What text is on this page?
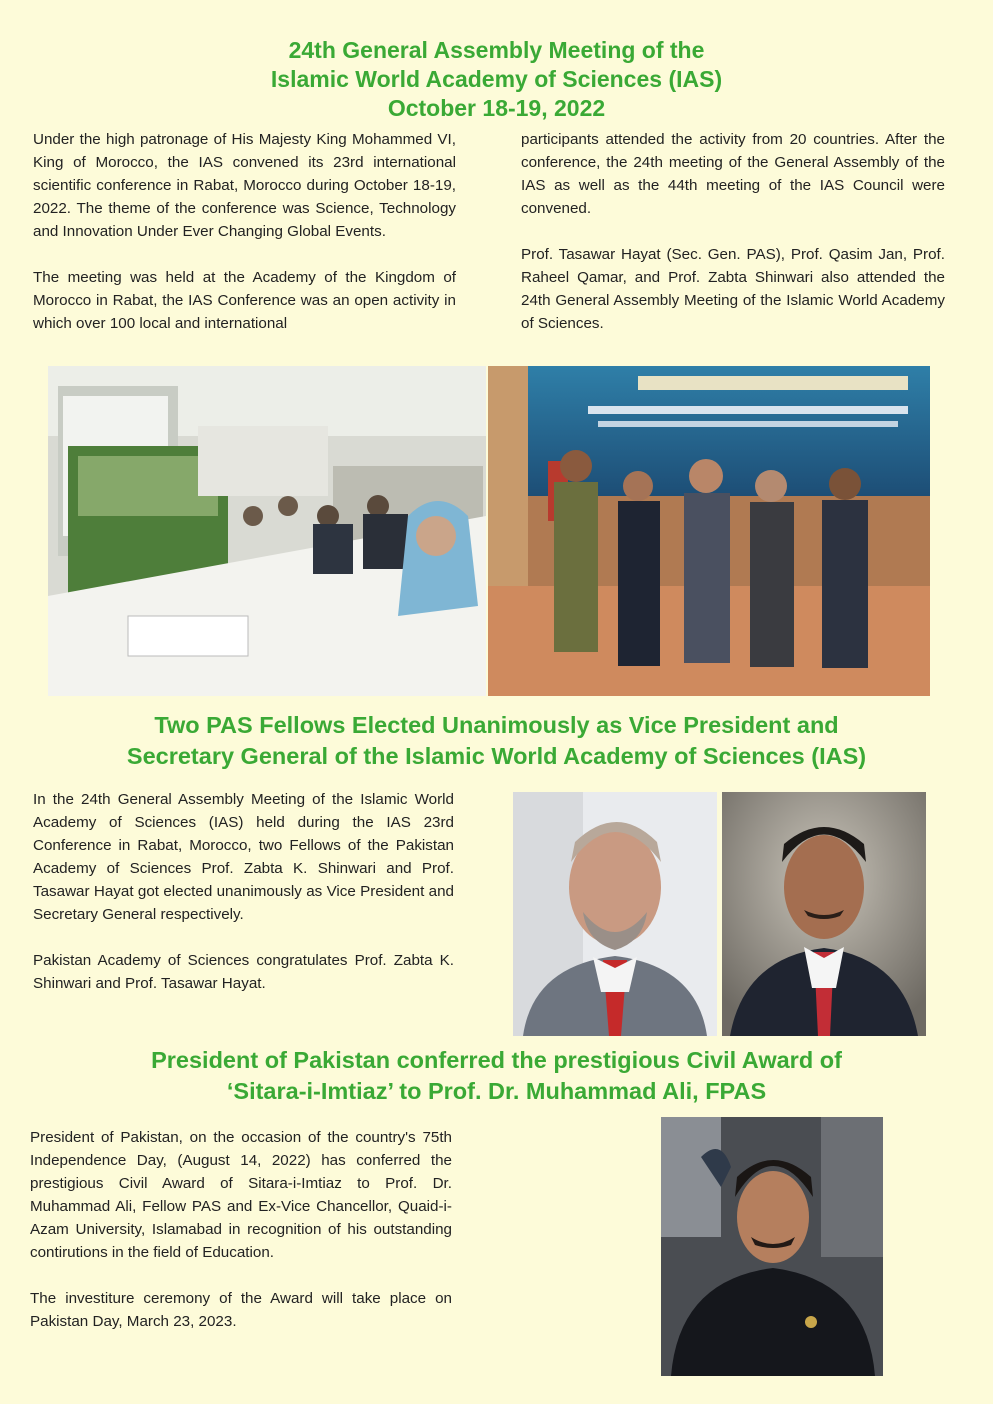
24th General Assembly Meeting of the
Islamic World Academy of Sciences (IAS)
October 18-19, 2022

Under the high patronage of His Majesty King Mohammed VI, King of Morocco, the IAS convened its 23rd international scientific conference in Rabat, Morocco during October 18-19, 2022. The theme of the conference was Science, Technology and Innovation Under Ever Changing Global Events.

The meeting was held at the Academy of the Kingdom of Morocco in Rabat, the IAS Conference was an open activity in which over 100 local and international

participants attended the activity from 20 countries. After the conference, the 24th meeting of the General Assembly of the IAS as well as the 44th meeting of the IAS Council were convened.

Prof. Tasawar Hayat (Sec. Gen. PAS), Prof. Qasim Jan, Prof. Raheel Qamar, and Prof. Zabta Shinwari also attended the 24th General Assembly Meeting of the Islamic World Academy of Sciences.

Two PAS Fellows Elected Unanimously as Vice President and
Secretary General of the Islamic World Academy of Sciences (IAS)

In the 24th General Assembly Meeting of the Islamic World Academy of Sciences (IAS) held during the IAS 23rd Conference in Rabat, Morocco, two Fellows of the Pakistan Academy of Sciences Prof. Zabta K. Shinwari and Prof. Tasawar Hayat got elected unanimously as Vice President and Secretary General respectively.

Pakistan Academy of Sciences congratulates Prof. Zabta K. Shinwari and Prof. Tasawar Hayat.

President of Pakistan conferred the prestigious Civil Award of
‘Sitara-i-Imtiaz’ to Prof. Dr. Muhammad Ali, FPAS

President of Pakistan, on the occasion of the country's 75th Independence Day, (August 14, 2022) has conferred the prestigious Civil Award of Sitara-i-Imtiaz to Prof. Dr. Muhammad Ali, Fellow PAS and Ex-Vice Chancellor, Quaid-i-Azam University, Islamabad in recognition of his outstanding contirutions in the field of Education.

The investiture ceremony of the Award will take place on Pakistan Day, March 23, 2023.
